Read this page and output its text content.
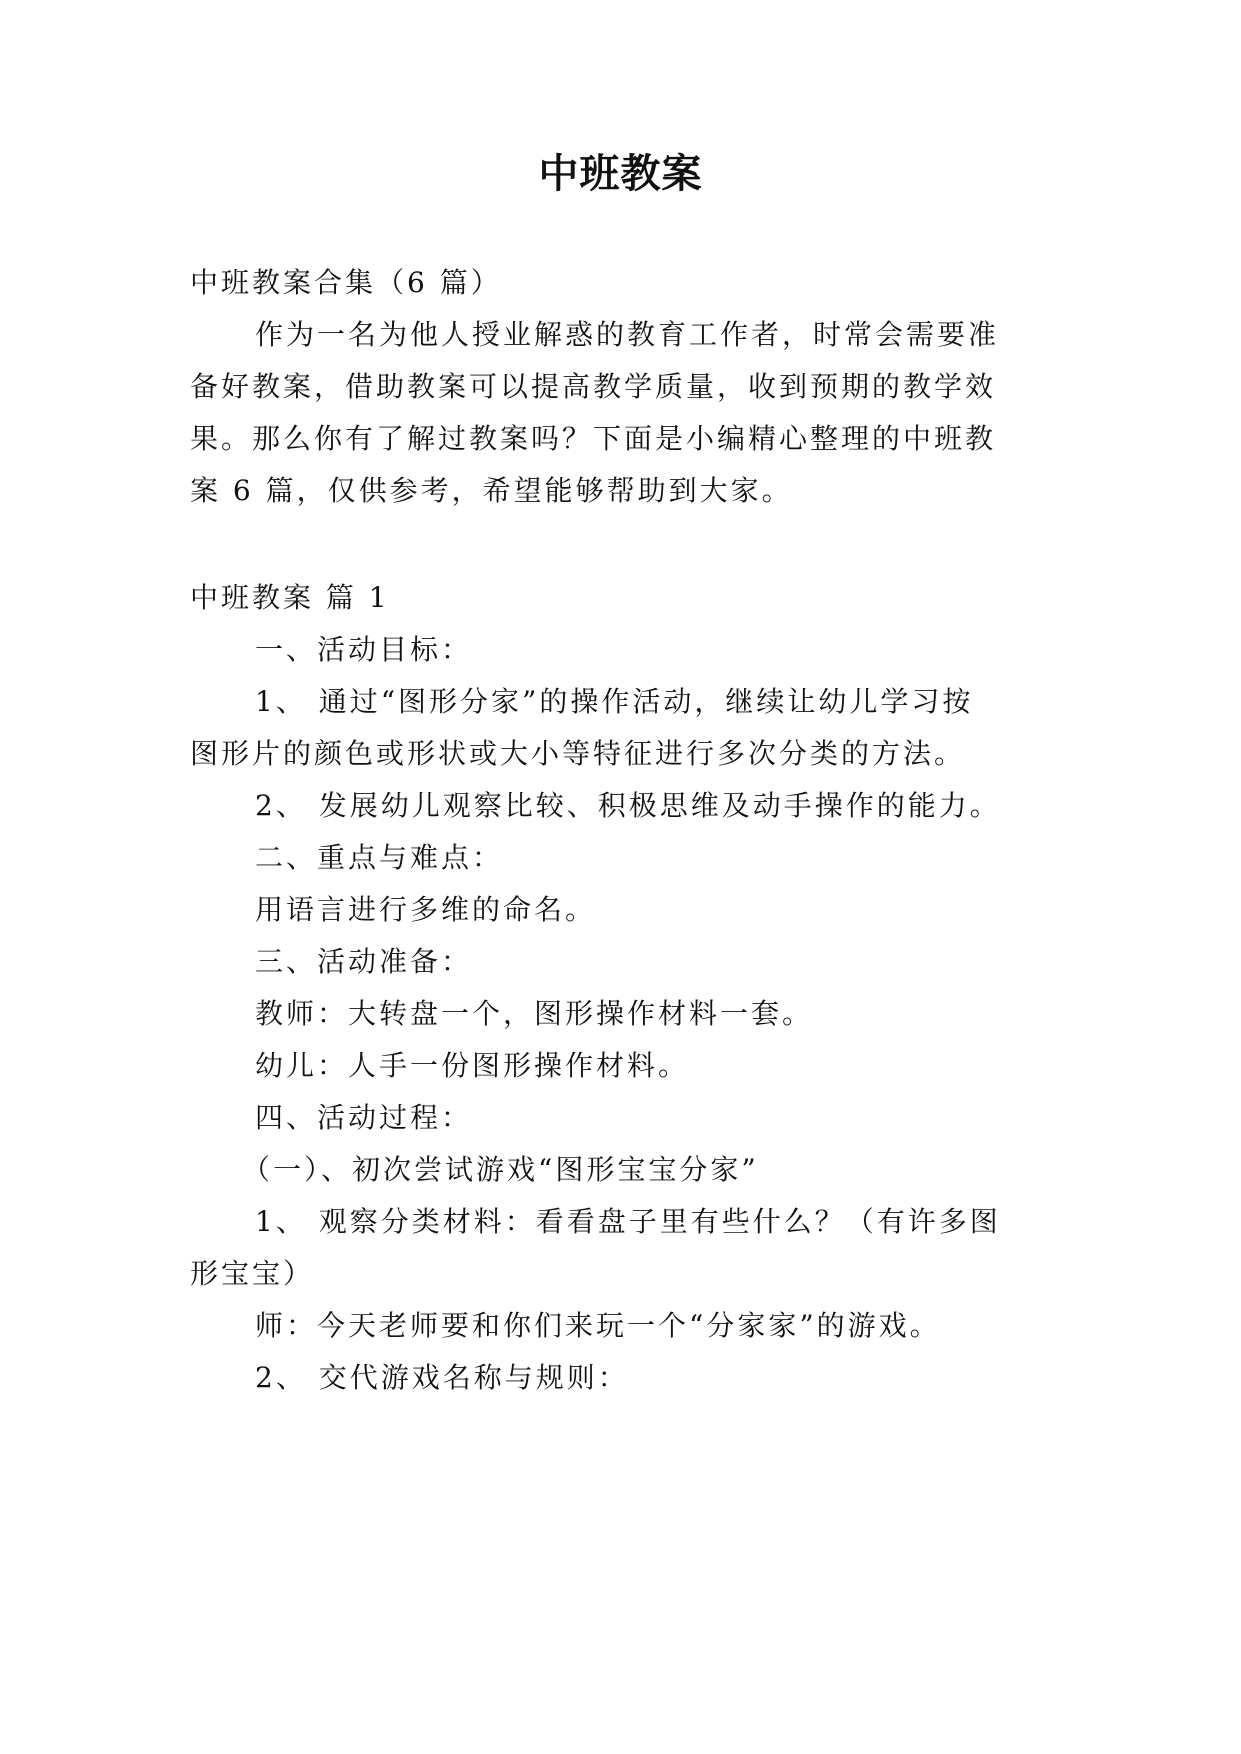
中班教案
中班教案合集（6 篇）
作为一名为他人授业解惑的教育工作者，时常会需要准
备好教案，借助教案可以提高教学质量，收到预期的教学效
果。那么你有了解过教案吗？下面是小编精心整理的中班教
案 6 篇，仅供参考，希望能够帮助到大家。
中班教案 篇 1
一、活动目标：
1、 通过“图形分家”的操作活动，继续让幼儿学习按
图形片的颜色或形状或大小等特征进行多次分类的方法。
2、 发展幼儿观察比较、积极思维及动手操作的能力。
二、重点与难点：
用语言进行多维的命名。
三、活动准备：
教师：大转盘一个，图形操作材料一套。
幼儿：人手一份图形操作材料。
四、活动过程：
（一）、初次尝试游戏“图形宝宝分家”
1、 观察分类材料：看看盘子里有些什么？（有许多图
形宝宝）
师：今天老师要和你们来玩一个“分家家”的游戏。
2、 交代游戏名称与规则：
